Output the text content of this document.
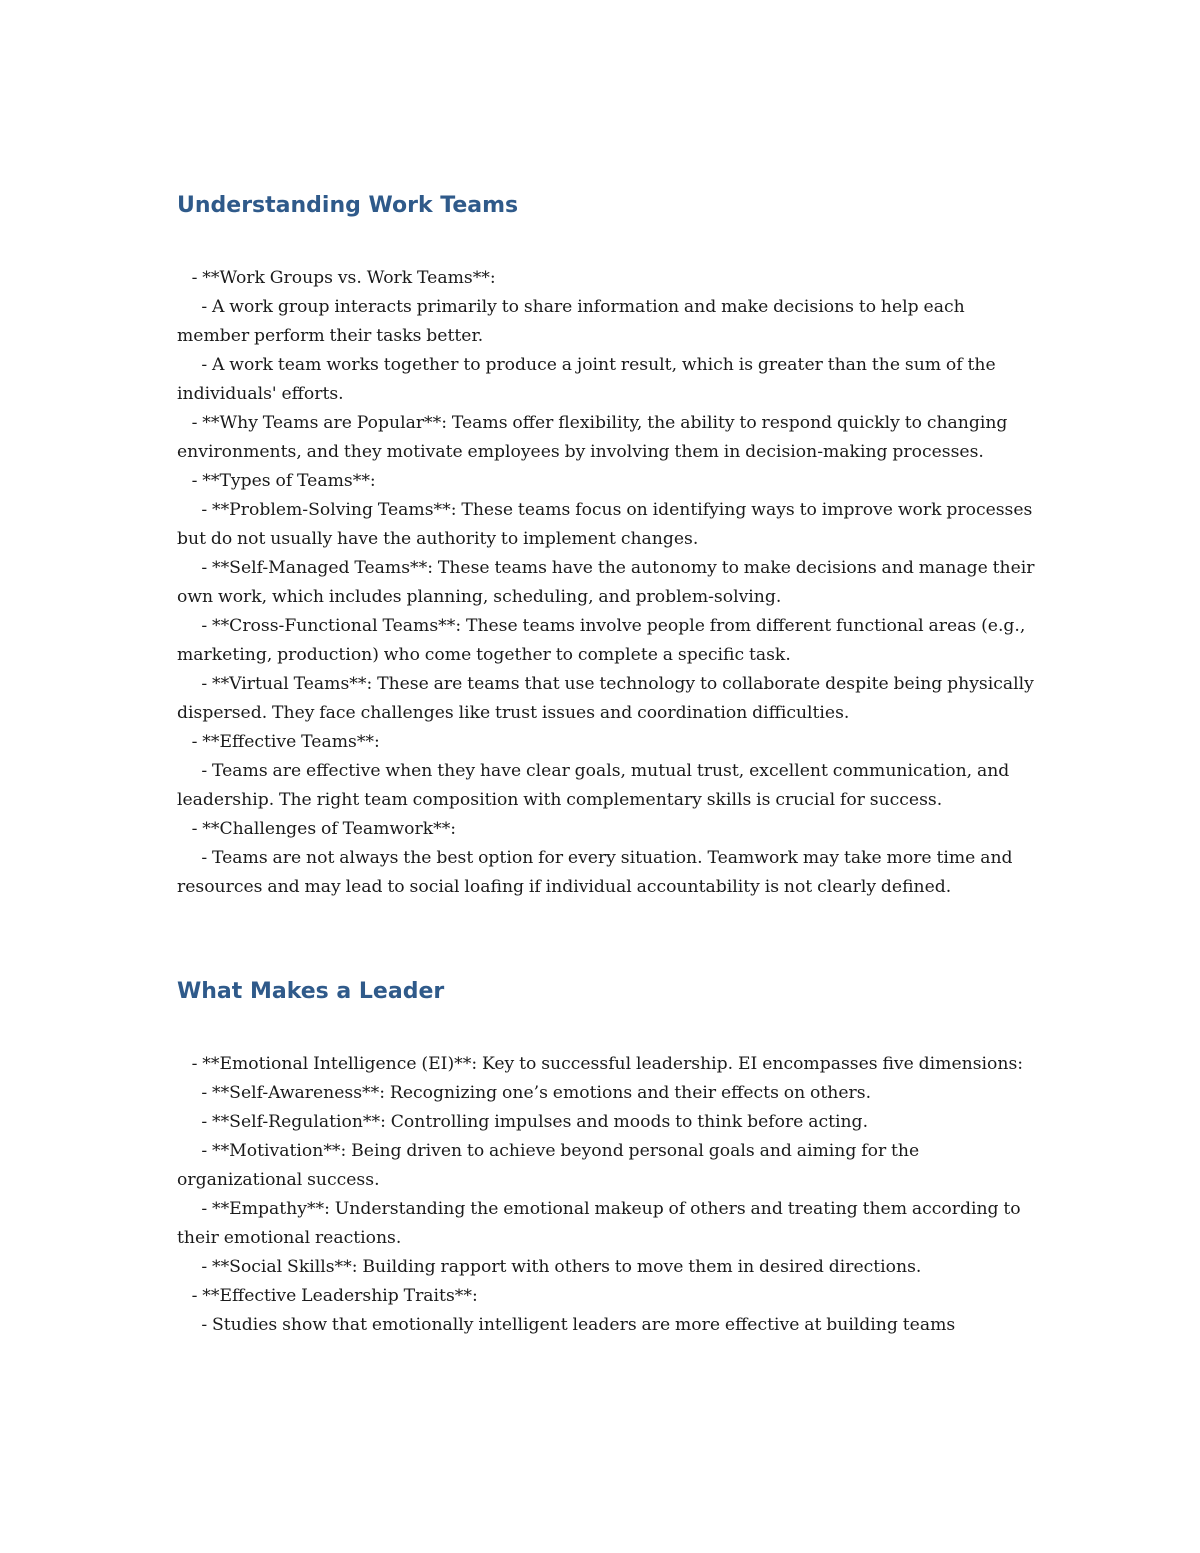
Understanding Work Teams

- **Work Groups vs. Work Teams**:

- A work group interacts primarily to share information and make decisions to help each member perform their tasks better.

- A work team works together to produce a joint result, which is greater than the sum of the individuals' efforts.

- **Why Teams are Popular**: Teams offer flexibility, the ability to respond quickly to changing environments, and they motivate employees by involving them in decision-making processes.

- **Types of Teams**:

- **Problem-Solving Teams**: These teams focus on identifying ways to improve work processes but do not usually have the authority to implement changes.

- **Self-Managed Teams**: These teams have the autonomy to make decisions and manage their own work, which includes planning, scheduling, and problem-solving.

- **Cross-Functional Teams**: These teams involve people from different functional areas (e.g., marketing, production) who come together to complete a specific task.

- **Virtual Teams**: These are teams that use technology to collaborate despite being physically dispersed. They face challenges like trust issues and coordination difficulties.

- **Effective Teams**:

- Teams are effective when they have clear goals, mutual trust, excellent communication, and leadership. The right team composition with complementary skills is crucial for success.

- **Challenges of Teamwork**:

- Teams are not always the best option for every situation. Teamwork may take more time and resources and may lead to social loafing if individual accountability is not clearly defined.

What Makes a Leader

- **Emotional Intelligence (EI)**: Key to successful leadership. EI encompasses five dimensions:

- **Self-Awareness**: Recognizing one’s emotions and their effects on others.

- **Self-Regulation**: Controlling impulses and moods to think before acting.

- **Motivation**: Being driven to achieve beyond personal goals and aiming for the organizational success.

- **Empathy**: Understanding the emotional makeup of others and treating them according to their emotional reactions.

- **Social Skills**: Building rapport with others to move them in desired directions.

- **Effective Leadership Traits**:

- Studies show that emotionally intelligent leaders are more effective at building teams
